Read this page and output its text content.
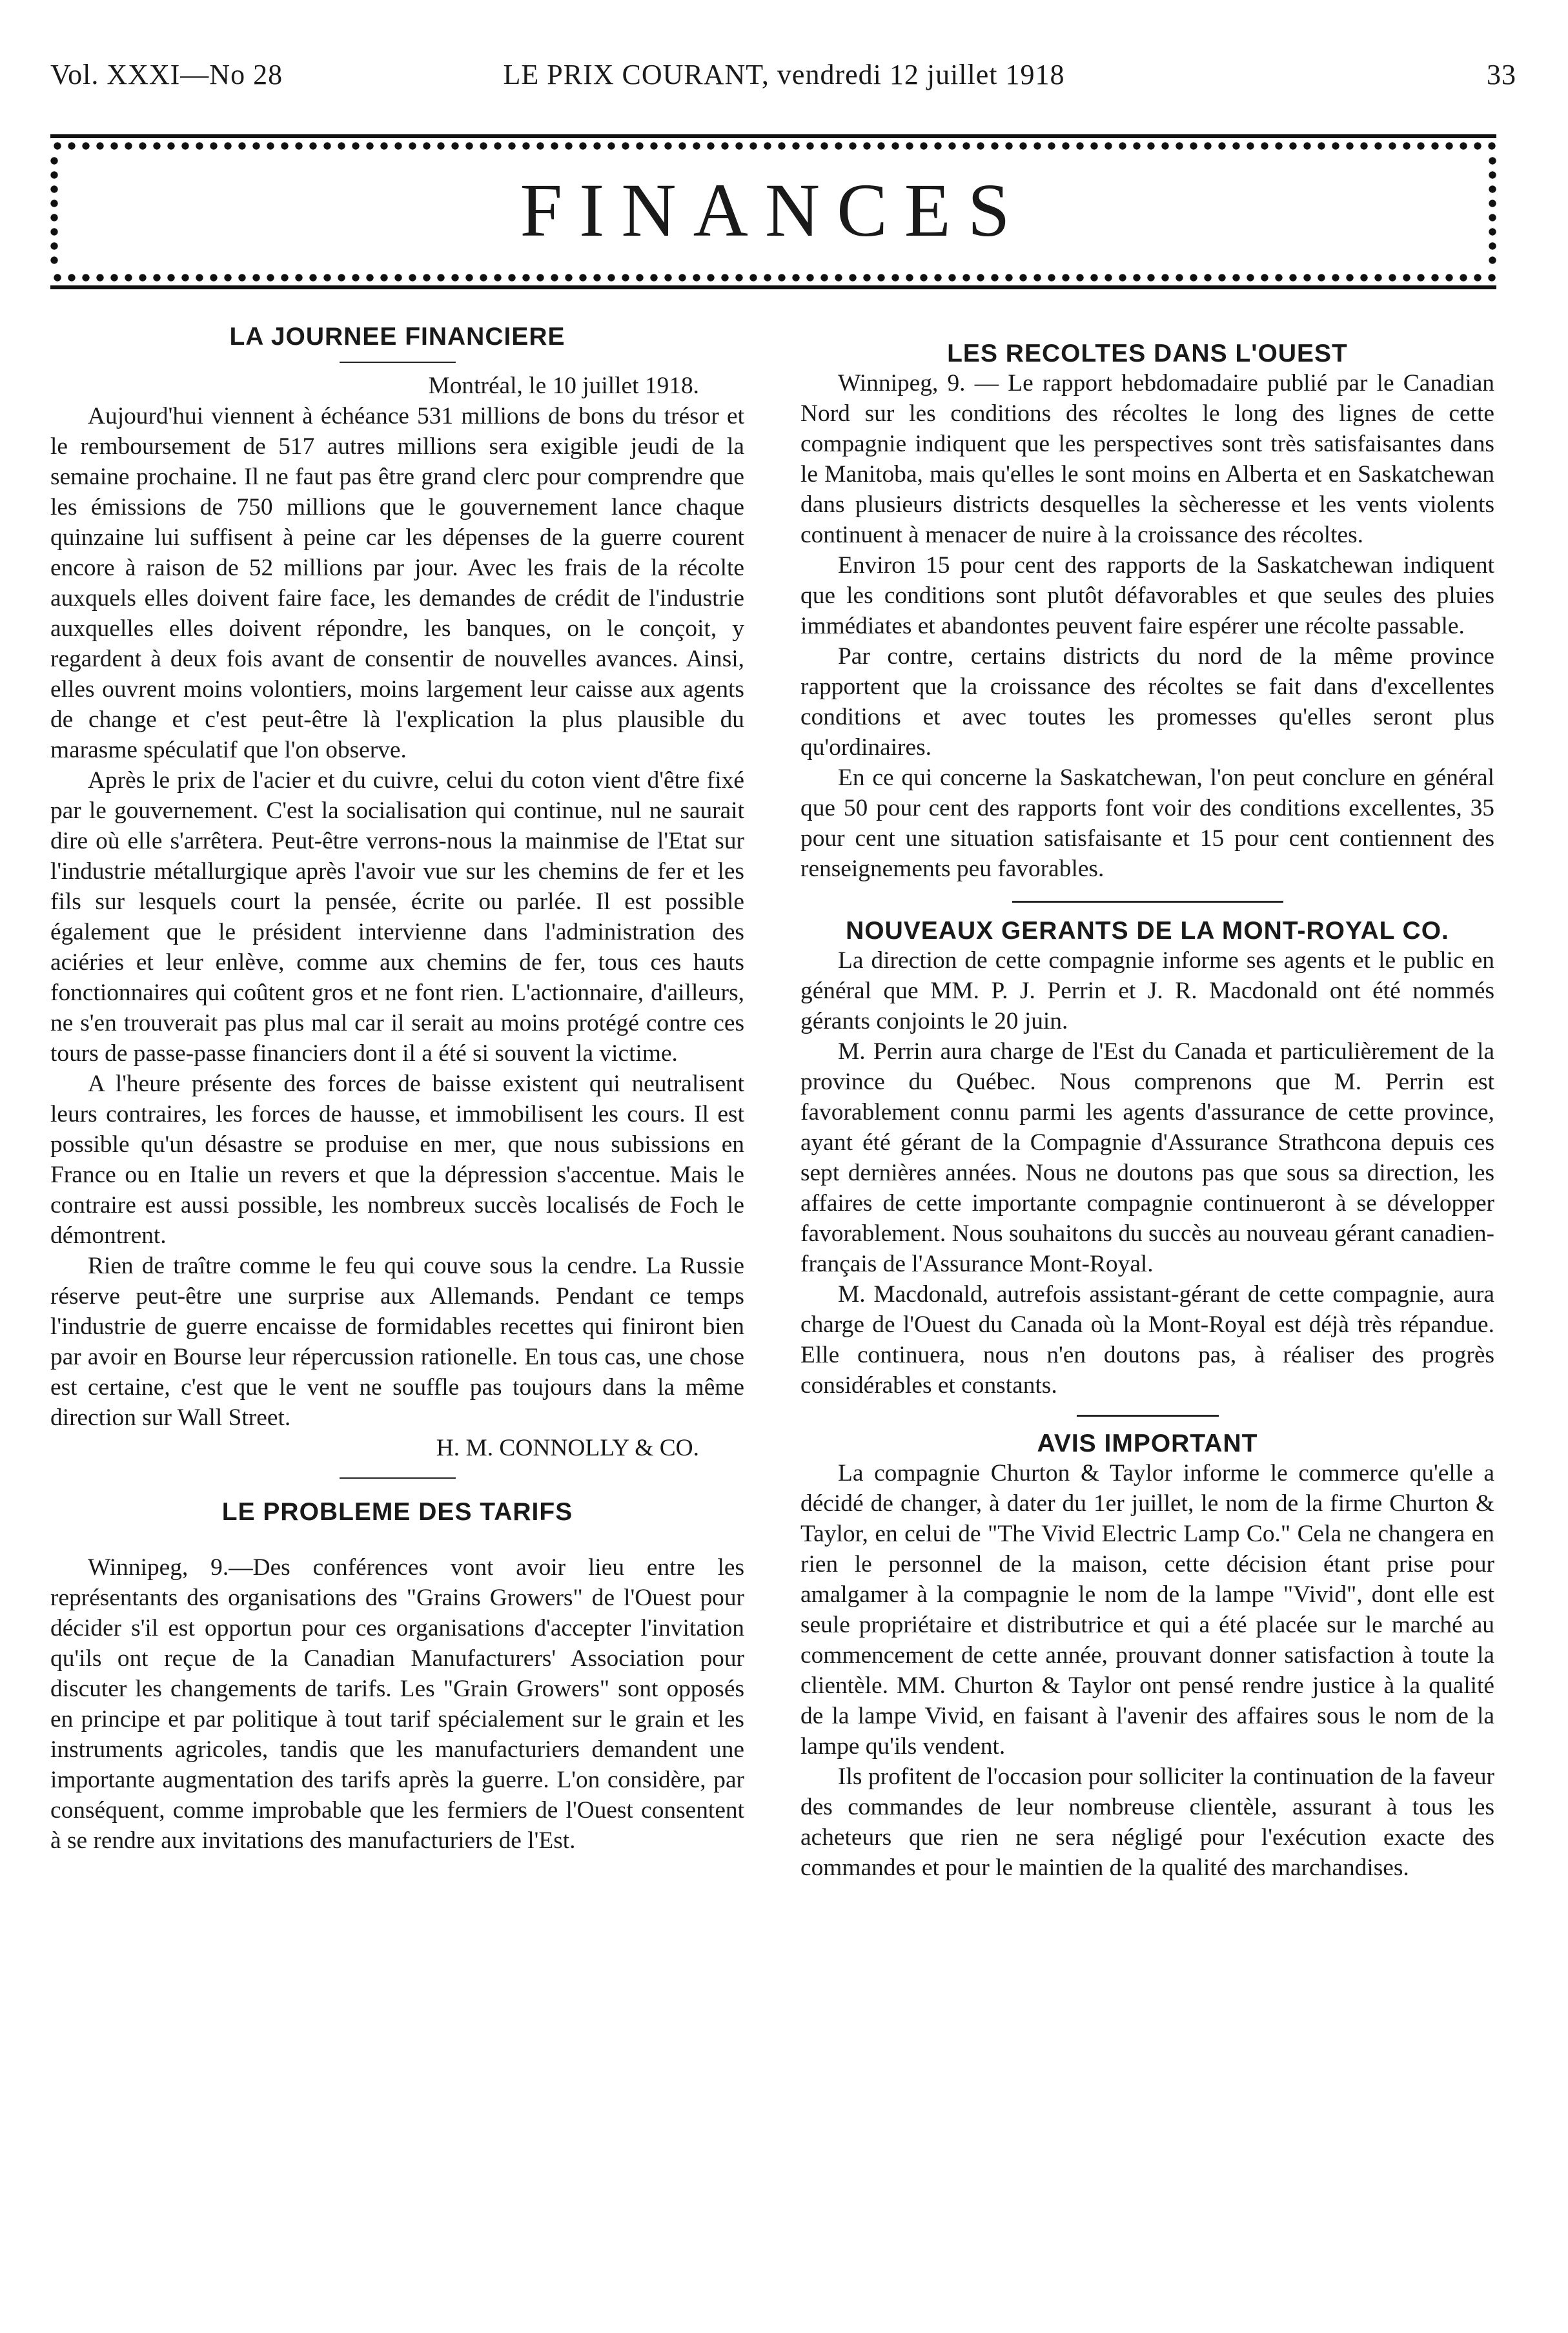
Vol. XXXI—No 28	LE PRIX COURANT, vendredi 12 juillet 1918	33
FINANCES
LA JOURNEE FINANCIERE

Montréal, le 10 juillet 1918.

Aujourd'hui viennent à échéance 531 millions de bons du trésor et le remboursement de 517 autres millions sera exigible jeudi de la semaine prochaine. Il ne faut pas être grand clerc pour comprendre que les émissions de 750 millions que le gouvernement lance chaque quinzaine lui suffisent à peine car les dépenses de la guerre courent encore à raison de 52 millions par jour. Avec les frais de la récolte auxquels elles doivent faire face, les demandes de crédit de l'industrie auxquelles elles doivent répondre, les banques, on le conçoit, y regardent à deux fois avant de consentir de nouvelles avances. Ainsi, elles ouvrent moins volontiers, moins largement leur caisse aux agents de change et c'est peut-être là l'explication la plus plausible du marasme spéculatif que l'on observe.

Après le prix de l'acier et du cuivre, celui du coton vient d'être fixé par le gouvernement. C'est la socialisation qui continue, nul ne saurait dire où elle s'arrêtera. Peut-être verrons-nous la mainmise de l'Etat sur l'industrie métallurgique après l'avoir vue sur les chemins de fer et les fils sur lesquels court la pensée, écrite ou parlée. Il est possible également que le président intervienne dans l'administration des aciéries et leur enlève, comme aux chemins de fer, tous ces hauts fonctionnaires qui coûtent gros et ne font rien. L'actionnaire, d'ailleurs, ne s'en trouverait pas plus mal car il serait au moins protégé contre ces tours de passe-passe financiers dont il a été si souvent la victime.

A l'heure présente des forces de baisse existent qui neutralisent leurs contraires, les forces de hausse, et immobilisent les cours. Il est possible qu'un désastre se produise en mer, que nous subissions en France ou en Italie un revers et que la dépression s'accentue. Mais le contraire est aussi possible, les nombreux succès localisés de Foch le démontrent.

Rien de traître comme le feu qui couve sous la cendre. La Russie réserve peut-être une surprise aux Allemands. Pendant ce temps l'industrie de guerre encaisse de formidables recettes qui finiront bien par avoir en Bourse leur répercussion rationelle. En tous cas, une chose est certaine, c'est que le vent ne souffle pas toujours dans la même direction sur Wall Street.

H. M. CONNOLLY & CO.

LE PROBLEME DES TARIFS

Winnipeg, 9.—Des conférences vont avoir lieu entre les représentants des organisations des "Grains Growers" de l'Ouest pour décider s'il est opportun pour ces organisations d'accepter l'invitation qu'ils ont reçue de la Canadian Manufacturers' Association pour discuter les changements de tarifs. Les "Grain Growers" sont opposés en principe et par politique à tout tarif spécialement sur le grain et les instruments agricoles, tandis que les manufacturiers demandent une importante augmentation des tarifs après la guerre. L'on considère, par conséquent, comme improbable que les fermiers de l'Ouest consentent à se rendre aux invitations des manufacturiers de l'Est.

LES RECOLTES DANS L'OUEST

Winnipeg, 9. — Le rapport hebdomadaire publié par le Canadian Nord sur les conditions des récoltes le long des lignes de cette compagnie indiquent que les perspectives sont très satisfaisantes dans le Manitoba, mais qu'elles le sont moins en Alberta et en Saskatchewan dans plusieurs districts desquelles la sècheresse et les vents violents continuent à menacer de nuire à la croissance des récoltes.

Environ 15 pour cent des rapports de la Saskatchewan indiquent que les conditions sont plutôt défavorables et que seules des pluies immédiates et abandontes peuvent faire espérer une récolte passable.

Par contre, certains districts du nord de la même province rapportent que la croissance des récoltes se fait dans d'excellentes conditions et avec toutes les promesses qu'elles seront plus qu'ordinaires.

En ce qui concerne la Saskatchewan, l'on peut conclure en général que 50 pour cent des rapports font voir des conditions excellentes, 35 pour cent une situation satisfaisante et 15 pour cent contiennent des renseignements peu favorables.

NOUVEAUX GERANTS DE LA MONT-ROYAL CO.

La direction de cette compagnie informe ses agents et le public en général que MM. P. J. Perrin et J. R. Macdonald ont été nommés gérants conjoints le 20 juin.

M. Perrin aura charge de l'Est du Canada et particulièrement de la province du Québec. Nous comprenons que M. Perrin est favorablement connu parmi les agents d'assurance de cette province, ayant été gérant de la Compagnie d'Assurance Strathcona depuis ces sept dernières années. Nous ne doutons pas que sous sa direction, les affaires de cette importante compagnie continueront à se développer favorablement. Nous souhaitons du succès au nouveau gérant canadien-français de l'Assurance Mont-Royal.

M. Macdonald, autrefois assistant-gérant de cette compagnie, aura charge de l'Ouest du Canada où la Mont-Royal est déjà très répandue. Elle continuera, nous n'en doutons pas, à réaliser des progrès considérables et constants.

AVIS IMPORTANT

La compagnie Churton & Taylor informe le commerce qu'elle a décidé de changer, à dater du 1er juillet, le nom de la firme Churton & Taylor, en celui de "The Vivid Electric Lamp Co." Cela ne changera en rien le personnel de la maison, cette décision étant prise pour amalgamer à la compagnie le nom de la lampe "Vivid", dont elle est seule propriétaire et distributrice et qui a été placée sur le marché au commencement de cette année, prouvant donner satisfaction à toute la clientèle. MM. Churton & Taylor ont pensé rendre justice à la qualité de la lampe Vivid, en faisant à l'avenir des affaires sous le nom de la lampe qu'ils vendent.

Ils profitent de l'occasion pour solliciter la continuation de la faveur des commandes de leur nombreuse clientèle, assurant à tous les acheteurs que rien ne sera négligé pour l'exécution exacte des commandes et pour le maintien de la qualité des marchandises.
